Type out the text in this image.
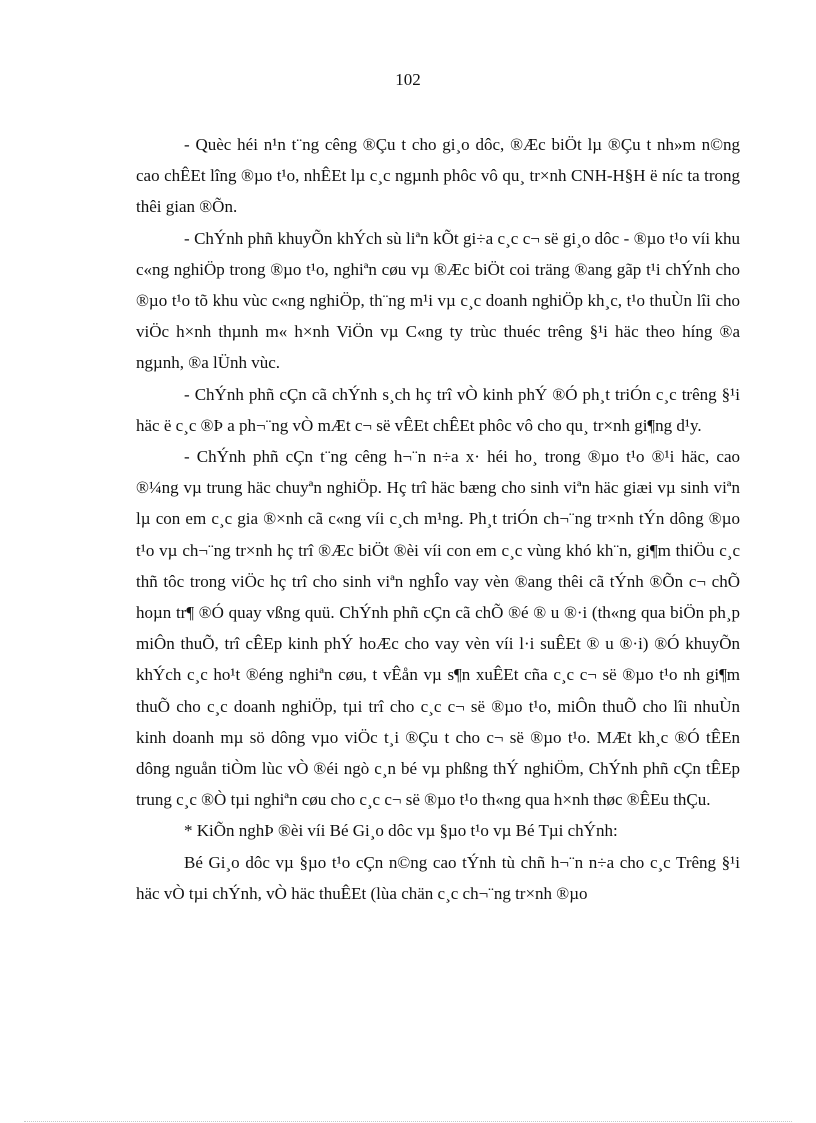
102

- Quèc héi n¹n t¨ng cêng ®Çu t cho gi¸o dôc, ®Æc biÖt lµ ®Çu t nh»m n©ng cao chÊEt lîng ®µo t¹o, nhÊEt lµ c¸c ngµnh phôc vô qu¸ tr×nh CNH-H§H ë níc ta trong thêi gian ®Õn.

- ChÝnh phñ khuyÕn khÝch sù liªn kÕt gi÷a c¸c c¬ së gi¸o dôc - ®µo t¹o víi khu c«ng nghiÖp trong ®µo t¹o, nghiªn cøu vµ ®Æc biÖt coi träng ®ang gãp t¹i chÝnh cho ®µo t¹o tõ khu vùc c«ng nghiÖp, th¨ng m¹i vµ c¸c doanh nghiÖp kh¸c, t¹o thuÙn lîi cho viÖc h×nh thµnh m« h×nh ViÖn vµ C«ng ty trùc thuéc trêng §¹i häc theo híng ®a ngµnh, ®a lÜnh vùc.

- ChÝnh phñ cÇn cã chÝnh s¸ch hç trî vÒ kinh phÝ ®Ó ph¸t triÓn c¸c trêng §¹i häc ë c¸c ®Þ a ph¬¨ng vÒ mÆt c¬ së vÊEt chÊEt phôc vô cho qu¸ tr×nh gi¶ng d¹y.

- ChÝnh phñ cÇn t¨ng cêng h¬¨n n÷a x· héi ho¸ trong ®µo t¹o ®¹i häc, cao ®¼ng vµ trung häc chuyªn nghiÖp. Hç trî häc bæng cho sinh viªn häc giæi vµ sinh viªn lµ con em c¸c gia ®×nh cã c«ng víi c¸ch m¹ng. Ph¸t triÓn ch¬¨ng tr×nh tÝn dông ®µo t¹o vµ ch¬¨ng tr×nh hç trî ®Æc biÖt ®èi víi con em c¸c vùng khó kh¨n, gi¶m thiÖu c¸c thñ tôc trong viÖc hç trî cho sinh viªn nghÎo vay vèn ®ang thêi cã tÝnh ®Õn c¬ chÕ hoµn tr¶ ®Ó quay vßng quü. ChÝnh phñ cÇn cã chÕ ®é ® u ®·i (th«ng qua biÖn ph¸p miÔn thuÕ, trî cÊEp kinh phÝ hoÆc cho vay vèn víi l·i suÊEt ® u ®·i) ®Ó khuyÕn khÝch c¸c ho¹t ®éng nghiªn cøu, t vÊån vµ s¶n xuÊEt cña c¸c c¬ së ®µo t¹o nh gi¶m thuÕ cho c¸c doanh nghiÖp, tµi trî cho c¸c c¬ së ®µo t¹o, miÔn thuÕ cho lîi nhuÙn kinh doanh mµ sö dông vµo viÖc t¸i ®Çu t cho c¬ së ®µo t¹o. MÆt kh¸c ®Ó tÊEn dông nguån tiÒm lùc vÒ ®éi ngò c¸n bé vµ phßng thÝ nghiÖm, ChÝnh phñ cÇn tÊEp trung c¸c ®Ò tµi nghiªn cøu cho c¸c c¬ së ®µo t¹o th«ng qua h×nh thøc ®ÊEu thÇu.

* KiÕn nghÞ ®èi víi Bé Gi¸o dôc vµ §µo t¹o vµ Bé Tµi chÝnh:

Bé Gi¸o dôc vµ §µo t¹o cÇn n©ng cao tÝnh tù chñ h¬¨n n÷a cho c¸c Trêng §¹i häc vÒ tµi chÝnh, vÒ häc thuÊEt (lùa chän c¸c ch¬¨ng tr×nh ®µo
